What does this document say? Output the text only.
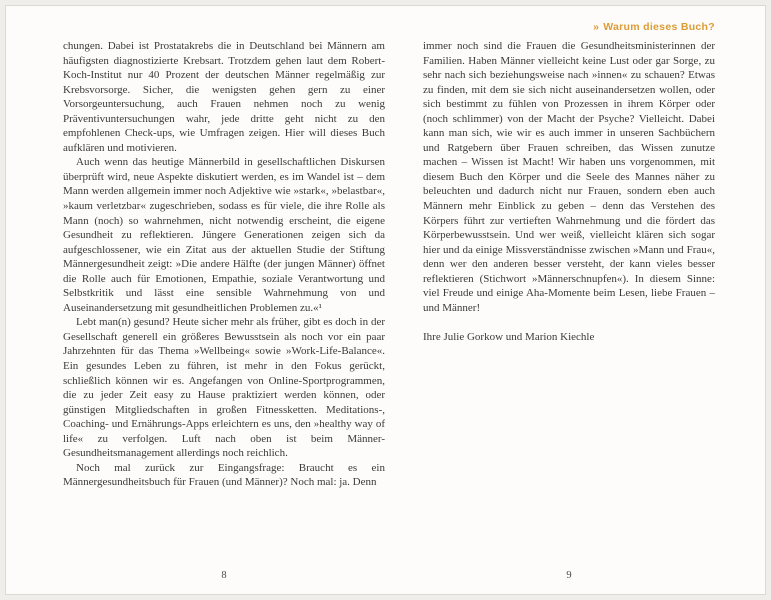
» Warum dieses Buch?

chungen. Dabei ist Prostatakrebs die in Deutschland bei Männern am häufigsten diagnostizierte Krebsart. Trotzdem gehen laut dem Robert-Koch-Institut nur 40 Prozent der deutschen Männer regelmäßig zur Krebsvorsorge. Sicher, die wenigsten gehen gern zu einer Vorsorgeuntersuchung, auch Frauen nehmen noch zu wenig Präventivuntersuchungen wahr, jede dritte geht nicht zu den empfohlenen Check-ups, wie Umfragen zeigen. Hier will dieses Buch aufklären und motivieren.

Auch wenn das heutige Männerbild in gesellschaftlichen Diskursen überprüft wird, neue Aspekte diskutiert werden, es im Wandel ist – dem Mann werden allgemein immer noch Adjektive wie »stark«, »belastbar«, »kaum verletzbar« zugeschrieben, sodass es für viele, die ihre Rolle als Mann (noch) so wahrnehmen, nicht notwendig erscheint, die eigene Gesundheit zu reflektieren. Jüngere Generationen zeigen sich da aufgeschlossener, wie ein Zitat aus der aktuellen Studie der Stiftung Männergesundheit zeigt: »Die andere Hälfte (der jungen Männer) öffnet die Rolle auch für Emotionen, Empathie, soziale Verantwortung und Selbstkritik und lässt eine sensible Wahrnehmung von und Auseinandersetzung mit gesundheitlichen Problemen zu.«¹

Lebt man(n) gesund? Heute sicher mehr als früher, gibt es doch in der Gesellschaft generell ein größeres Bewusstsein als noch vor ein paar Jahrzehnten für das Thema »Wellbeing« sowie »Work-Life-Balance«. Ein gesundes Leben zu führen, ist mehr in den Fokus gerückt, schließlich können wir es. Angefangen von Online-Sportprogrammen, die zu jeder Zeit easy zu Hause praktiziert werden können, oder günstigen Mitgliedschaften in großen Fitnessketten. Meditations-, Coaching- und Ernährungs-Apps erleichtern es uns, den »healthy way of life« zu verfolgen. Luft nach oben ist beim Männer-Gesundheitsmanagement allerdings noch reichlich.

Noch mal zurück zur Eingangsfrage: Braucht es ein Männergesundheitsbuch für Frauen (und Männer)? Noch mal: ja. Denn

immer noch sind die Frauen die Gesundheitsministerinnen der Familien. Haben Männer vielleicht keine Lust oder gar Sorge, zu sehr nach sich beziehungsweise nach »innen« zu schauen? Etwas zu finden, mit dem sie sich nicht auseinandersetzen wollen, oder sich bestimmt zu fühlen von Prozessen in ihrem Körper oder (noch schlimmer) von der Macht der Psyche? Vielleicht. Dabei kann man sich, wie wir es auch immer in unseren Sachbüchern und Ratgebern über Frauen schreiben, das Wissen zunutze machen – Wissen ist Macht! Wir haben uns vorgenommen, mit diesem Buch den Körper und die Seele des Mannes näher zu beleuchten und dadurch nicht nur Frauen, sondern eben auch Männern mehr Einblick zu geben – denn das Verstehen des Körpers führt zur vertieften Wahrnehmung und die fördert das Körperbewusstsein. Und wer weiß, vielleicht klären sich sogar hier und da einige Missverständnisse zwischen »Mann und Frau«, denn wer den anderen besser versteht, der kann vieles besser reflektieren (Stichwort »Männerschnupfen«). In diesem Sinne: viel Freude und einige Aha-Momente beim Lesen, liebe Frauen – und Männer!

Ihre Julie Gorkow und Marion Kiechle

8	9
